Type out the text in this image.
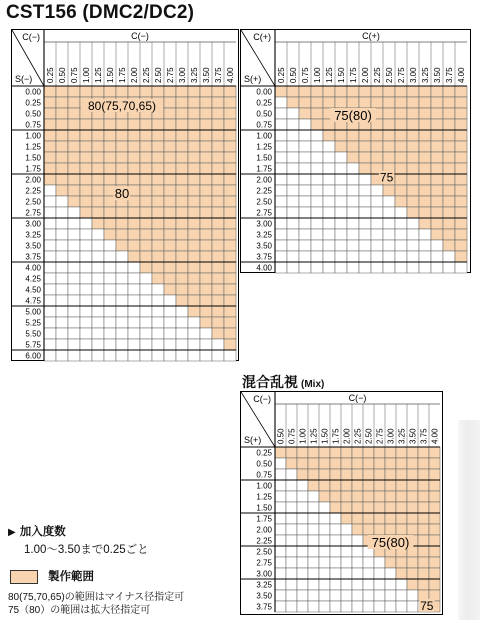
CST156 (DMC2/DC2)
C(−)
S(−)
C(−)
0.25 0.50 0.75 1.00 1.25 1.50 1.75 2.00 2.25 2.50 2.75 3.00 3.25 3.50 3.75 4.00
0.00
0.25
0.50
0.75
1.00
1.25
1.50
1.75
2.00
2.25
2.50
2.75
3.00
3.25
3.50
3.75
4.00
4.25
4.50
4.75
5.00
5.25
5.50
5.75
6.00
80(75,70,65)
80
C(+)
S(+)
C(+)
0.25 0.50 0.75 1.00 1.25 1.50 1.75 2.00 2.25 2.50 2.75 3.00 3.25 3.50 3.75 4.00
0.00
0.25
0.50
0.75
1.00
1.25
1.50
1.75
2.00
2.25
2.50
2.75
3.00
3.25
3.50
3.75
4.00
75(80)
75
混合乱視 (Mix)
C(−)
S(+)
C(−)
0.50 0.75 1.00 1.25 1.50 1.75 2.00 2.25 2.50 2.75 3.00 3.25 3.50 3.75 4.00
0.25
0.50
0.75
1.00
1.25
1.50
1.75
2.00
2.25
2.50
2.75
3.00
3.25
3.50
3.75
75(80)
75
▶ 加入度数
1.00〜3.50まで0.25ごと
製作範囲
80(75,70,65)の範囲はマイナス径指定可
75（80）の範囲は拡大径指定可
